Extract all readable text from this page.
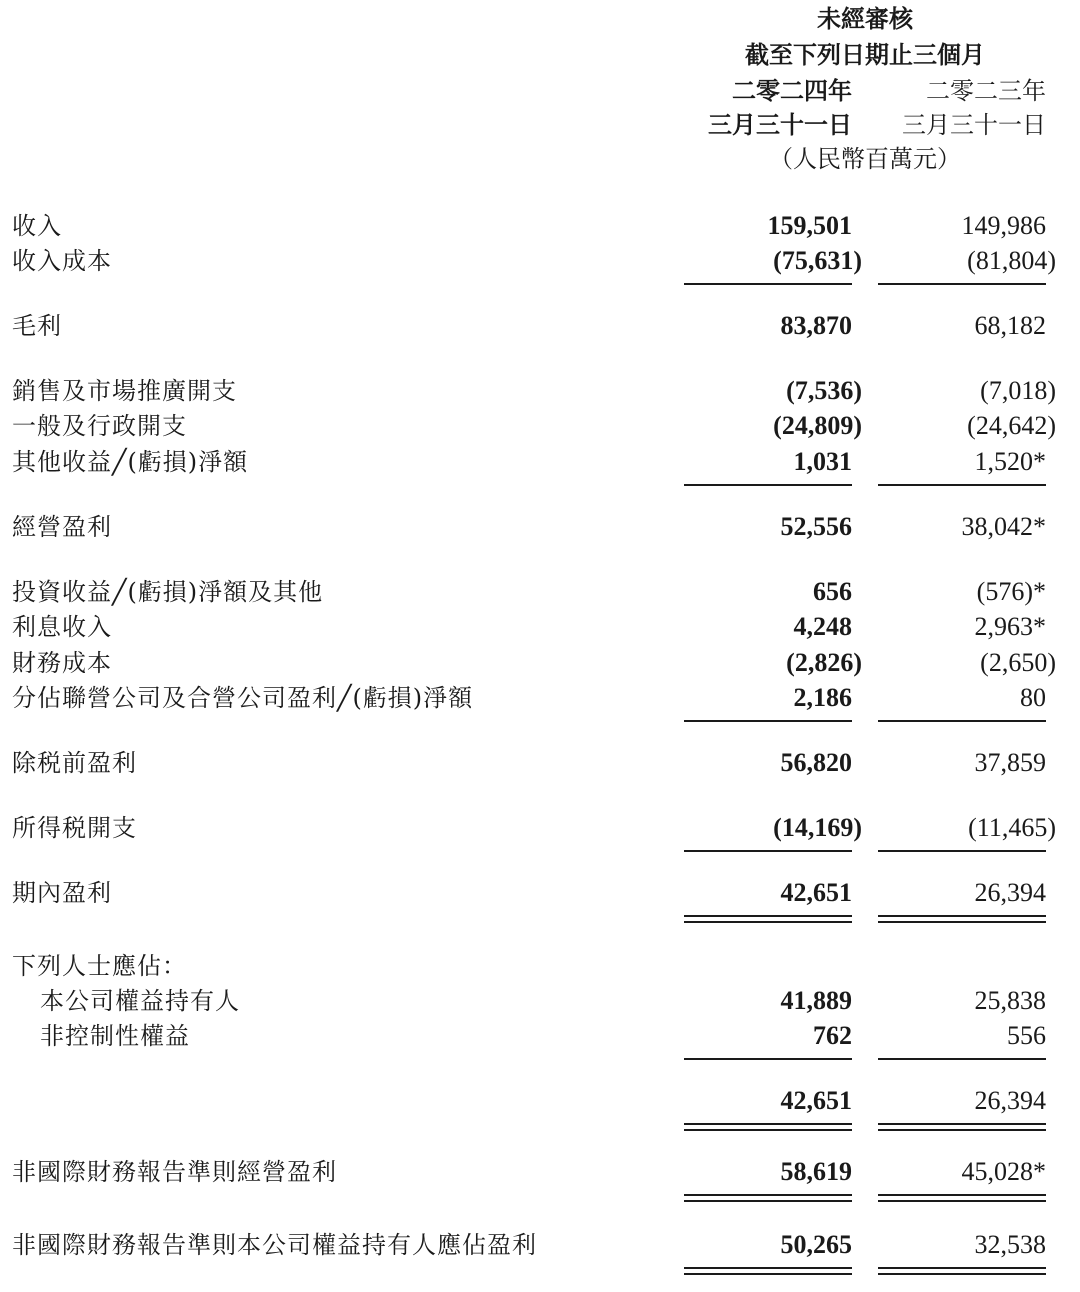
未經審核
截至下列日期止三個月
二零二四年	二零二三年
三月三十一日	三月三十一日
（人民幣百萬元）
收入	159,501	149,986
收入成本	(75,631)	(81,804)
毛利	83,870	68,182
銷售及市場推廣開支	(7,536)	(7,018)
一般及行政開支	(24,809)	(24,642)
其他收益╱(虧損)淨額	1,031	1,520*
經營盈利	52,556	38,042*
投資收益╱(虧損)淨額及其他	656	(576)*
利息收入	4,248	2,963*
財務成本	(2,826)	(2,650)
分佔聯營公司及合營公司盈利╱(虧損)淨額	2,186	80
除税前盈利	56,820	37,859
所得税開支	(14,169)	(11,465)
期內盈利	42,651	26,394
下列人士應佔：
本公司權益持有人	41,889	25,838
非控制性權益	762	556
42,651	26,394
非國際財務報告準則經營盈利	58,619	45,028*
非國際財務報告準則本公司權益持有人應佔盈利	50,265	32,538
